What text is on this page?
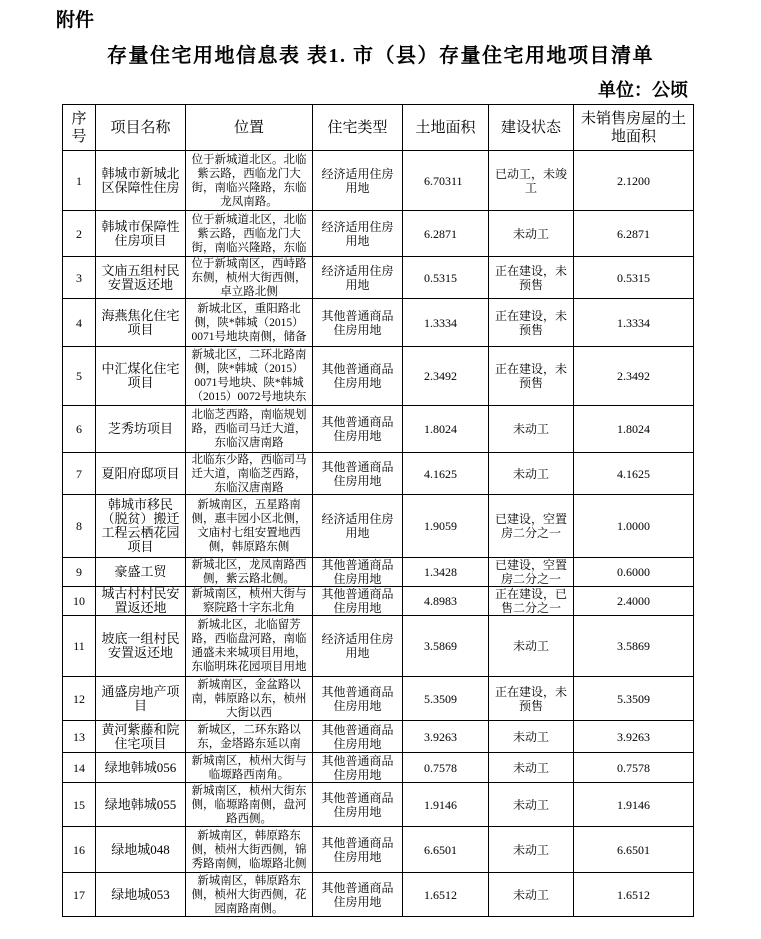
附件
存量住宅用地信息表 表1. 市（县）存量住宅用地项目清单
单位：公顷
序号	项目名称	位置	住宅类型	土地面积	建设状态	未销售房屋的土地面积

1	韩城市新城北区保障性住房	位于新城道北区。北临紫云路，西临龙门大街，南临兴隆路，东临龙凤南路。	经济适用住房用地	6.70311	已动工，未竣工	2.1200

2	韩城市保障性住房项目	位于新城道北区，北临紫云路，西临龙门大街，南临兴隆路，东临	经济适用住房用地	6.2871	未动工	6.2871

3	文庙五组村民安置返还地	位于新城南区，西峙路东侧，桢州大街西侧，卓立路北侧	经济适用住房用地	0.5315	正在建设，未预售	0.5315

4	海燕焦化住宅项目	新城北区，重阳路北侧，陕*韩城（2015）0071号地块南侧，储备	其他普通商品住房用地	1.3334	正在建设，未预售	1.3334

5	中汇煤化住宅项目	新城北区，二环北路南侧，陕*韩城（2015）0071号地块、陕*韩城（2015）0072号地块东	其他普通商品住房用地	2.3492	正在建设，未预售	2.3492

6	芝秀坊项目	北临芝西路，南临规划路，西临司马迁大道，东临汉唐南路	其他普通商品住房用地	1.8024	未动工	1.8024

7	夏阳府邸项目	北临东少路，西临司马迁大道，南临芝西路，东临汉唐南路	其他普通商品住房用地	4.1625	未动工	4.1625

8	韩城市移民（脱贫）搬迁工程云栖花园项目	新城南区，五星路南侧，惠丰园小区北侧，文庙村七组安置地西侧，韩原路东侧	经济适用住房用地	1.9059	已建设，空置房二分之一	1.0000

9	豪盛工贸	新城北区，龙凤南路西侧，紫云路北侧。	其他普通商品住房用地	1.3428	已建设，空置房二分之一	0.6000

10	城古村村民安置返还地	新城南区，桢州大街与察院路十字东北角	其他普通商品住房用地	4.8983	正在建设，已售二分之一	2.4000

11	坡底一组村民安置返还地	新城北区，北临留芳路，西临盘河路，南临通盛未来城项目用地，东临明珠花园项目用地	经济适用住房用地	3.5869	未动工	3.5869

12	通盛房地产项目	新城南区，金盆路以南，韩原路以东，桢州大街以西	其他普通商品住房用地	5.3509	正在建设，未预售	5.3509

13	黄河紫藤和院住宅项目	新城区，二环东路以东，金塔路东延以南	其他普通商品住房用地	3.9263	未动工	3.9263

14	绿地韩城056	新城南区，桢州大街与临塬路西南角。	其他普通商品住房用地	0.7578	未动工	0.7578

15	绿地韩城055	新城南区，桢州大街东侧，临塬路南侧，盘河路西侧。	其他普通商品住房用地	1.9146	未动工	1.9146

16	绿地城048	新城南区，韩原路东侧，桢州大街西侧，锦秀路南侧，临塬路北侧	其他普通商品住房用地	6.6501	未动工	6.6501

17	绿地城053	新城南区，韩原路东侧，桢州大街西侧，花园南路南侧。	其他普通商品住房用地	1.6512	未动工	1.6512
